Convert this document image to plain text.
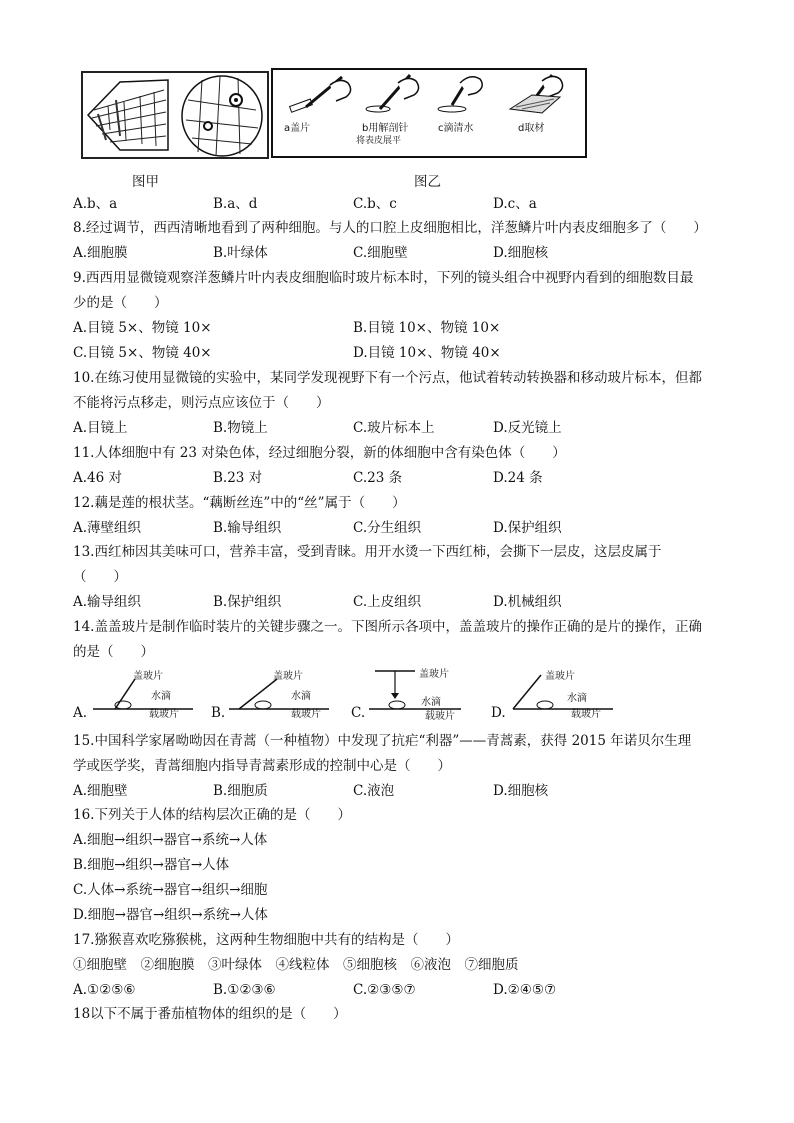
图甲
a盖片	b用解剖针
将表皮展平
c滴清水	d取材
图乙
A.b、a	B.a、d	C.b、c	D.c、a
8.经过调节，西西清晰地看到了两种细胞。与人的口腔上皮细胞相比，洋葱鳞片叶内表皮细胞多了（　　）
A.细胞膜	B.叶绿体	C.细胞壁	D.细胞核
9.西西用显微镜观察洋葱鳞片叶内表皮细胞临时玻片标本时，下列的镜头组合中视野内看到的细胞数目最
少的是（　　）
A.目镜 5×、物镜 10×	B.目镜 10×、物镜 10×
C.目镜 5×、物镜 40×	D.目镜 10×、物镜 40×
10.在练习使用显微镜的实验中，某同学发现视野下有一个污点，他试着转动转换器和移动玻片标本，但都
不能将污点移走，则污点应该位于（　　）
A.目镜上	B.物镜上	C.玻片标本上	D.反光镜上
11.人体细胞中有 23 对染色体，经过细胞分裂，新的体细胞中含有染色体（　　）
A.46 对	B.23 对	C.23 条	D.24 条
12.藕是莲的根状茎。“藕断丝连”中的“丝”属于（　　）
A.薄壁组织	B.输导组织	C.分生组织	D.保护组织
13.西红柿因其美味可口，营养丰富，受到青睐。用开水烫一下西红柿，会撕下一层皮，这层皮属于
（　　）
A.输导组织	B.保护组织	C.上皮组织	D.机械组织
14.盖盖玻片是制作临时装片的关键步骤之一。下图所示各项中，盖盖玻片的操作正确的是片的操作，正确
的是（　　）
盖玻片
水滴
载玻片
A.
盖玻片
水滴
载玻片
B.
盖玻片
水滴
载玻片
C.
盖玻片
水滴
载玻片
D.
15.中国科学家屠呦呦因在青蒿（一种植物）中发现了抗疟“利器”——青蒿素，获得 2015 年诺贝尔生理
学或医学奖，青蒿细胞内指导青蒿素形成的控制中心是（　　）
A.细胞壁	B.细胞质	C.液泡	D.细胞核
16.下列关于人体的结构层次正确的是（　　）
A.细胞→组织→器官→系统→人体
B.细胞→组织→器官→人体
C.人体→系统→器官→组织→细胞
D.细胞→器官→组织→系统→人体
17.猕猴喜欢吃猕猴桃，这两种生物细胞中共有的结构是（　　）
①细胞壁　②细胞膜　③叶绿体　④线粒体　⑤细胞核　⑥液泡　⑦细胞质
A.①②⑤⑥	B.①②③⑥	C.②③⑤⑦	D.②④⑤⑦
18以下不属于番茄植物体的组织的是（　　）
